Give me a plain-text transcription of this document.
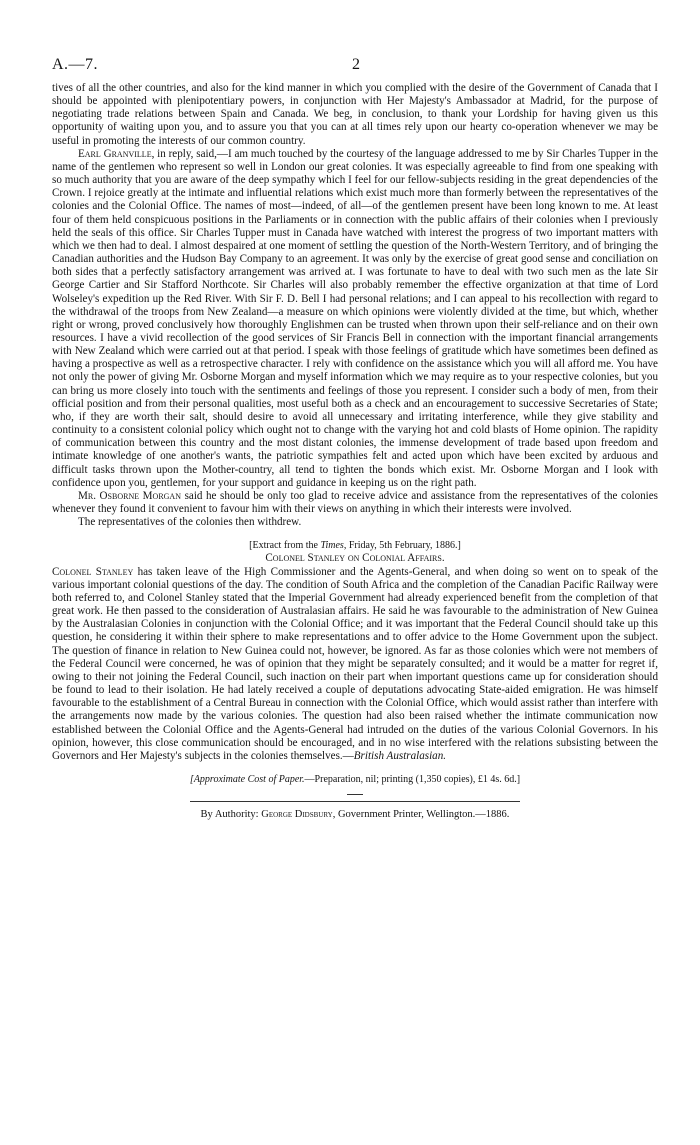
A.—7.	2

tives of all the other countries, and also for the kind manner in which you complied with the desire of the Government of Canada that I should be appointed with plenipotentiary powers, in conjunction with Her Majesty's Ambassador at Madrid, for the purpose of negotiating trade relations between Spain and Canada. We beg, in conclusion, to thank your Lordship for having given us this opportunity of waiting upon you, and to assure you that you can at all times rely upon our hearty co-operation whenever we may be useful in promoting the interests of our common country.

Earl Granville, in reply, said,—I am much touched by the courtesy of the language addressed to me by Sir Charles Tupper in the name of the gentlemen who represent so well in London our great colonies. It was especially agreeable to find from one speaking with so much authority that you are aware of the deep sympathy which I feel for our fellow-subjects residing in the great dependencies of the Crown. I rejoice greatly at the intimate and influential relations which exist much more than formerly between the representatives of the colonies and the Colonial Office. The names of most—indeed, of all—of the gentlemen present have been long known to me. At least four of them held conspicuous positions in the Parliaments or in connection with the public affairs of their colonies when I previously held the seals of this office. Sir Charles Tupper must in Canada have watched with interest the progress of two important matters with which we then had to deal. I almost despaired at one moment of settling the question of the North-Western Territory, and of bringing the Canadian authorities and the Hudson Bay Company to an agreement. It was only by the exercise of great good sense and conciliation on both sides that a perfectly satisfactory arrangement was arrived at. I was fortunate to have to deal with two such men as the late Sir George Cartier and Sir Stafford Northcote. Sir Charles will also probably remember the effective organization at that time of Lord Wolseley's expedition up the Red River. With Sir F. D. Bell I had personal relations; and I can appeal to his recollection with regard to the withdrawal of the troops from New Zealand—a measure on which opinions were violently divided at the time, but which, whether right or wrong, proved conclusively how thoroughly Englishmen can be trusted when thrown upon their self-reliance and on their own resources. I have a vivid recollection of the good services of Sir Francis Bell in connection with the important financial arrangements with New Zealand which were carried out at that period. I speak with those feelings of gratitude which have sometimes been defined as having a prospective as well as a retrospective character. I rely with confidence on the assistance which you will all afford me. You have not only the power of giving Mr. Osborne Morgan and myself information which we may require as to your respective colonies, but you can bring us more closely into touch with the sentiments and feelings of those you represent. I consider such a body of men, from their official position and from their personal qualities, most useful both as a check and an encouragement to successive Secretaries of State; who, if they are worth their salt, should desire to avoid all unnecessary and irritating interference, while they give stability and continuity to a consistent colonial policy which ought not to change with the varying hot and cold blasts of Home opinion. The rapidity of communication between this country and the most distant colonies, the immense development of trade based upon freedom and intimate knowledge of one another's wants, the patriotic sympathies felt and acted upon which have been excited by arduous and difficult tasks thrown upon the Mother-country, all tend to tighten the bonds which exist. Mr. Osborne Morgan and I look with confidence upon you, gentlemen, for your support and guidance in keeping us on the right path.

Mr. Osborne Morgan said he should be only too glad to receive advice and assistance from the representatives of the colonies whenever they found it convenient to favour him with their views on anything in which their interests were involved.

The representatives of the colonies then withdrew.

[Extract from the Times, Friday, 5th February, 1886.]

Colonel Stanley on Colonial Affairs.

Colonel Stanley has taken leave of the High Commissioner and the Agents-General, and when doing so went on to speak of the various important colonial questions of the day. The condition of South Africa and the completion of the Canadian Pacific Railway were both referred to, and Colonel Stanley stated that the Imperial Government had already experienced benefit from the completion of that great work. He then passed to the consideration of Australasian affairs. He said he was favourable to the administration of New Guinea by the Australasian Colonies in conjunction with the Colonial Office; and it was important that the Federal Council should take up this question, he considering it within their sphere to make representations and to offer advice to the Home Government upon the subject. The question of finance in relation to New Guinea could not, however, be ignored. As far as those colonies which were not members of the Federal Council were concerned, he was of opinion that they might be separately consulted; and it would be a matter for regret if, owing to their not joining the Federal Council, such inaction on their part when important questions came up for consideration should be found to lead to their isolation. He had lately received a couple of deputations advocating State-aided emigration. He was himself favourable to the establishment of a Central Bureau in connection with the Colonial Office, which would assist rather than interfere with the arrangements now made by the various colonies. The question had also been raised whether the intimate communication now established between the Colonial Office and the Agents-General had intruded on the duties of the various Colonial Governors. In his opinion, however, this close communication should be encouraged, and in no wise interfered with the relations subsisting between the Governors and Her Majesty's subjects in the colonies themselves.—British Australasian.

[Approximate Cost of Paper.—Preparation, nil; printing (1,350 copies), £1 4s. 6d.]

By Authority: George Didsbury, Government Printer, Wellington.—1886.
